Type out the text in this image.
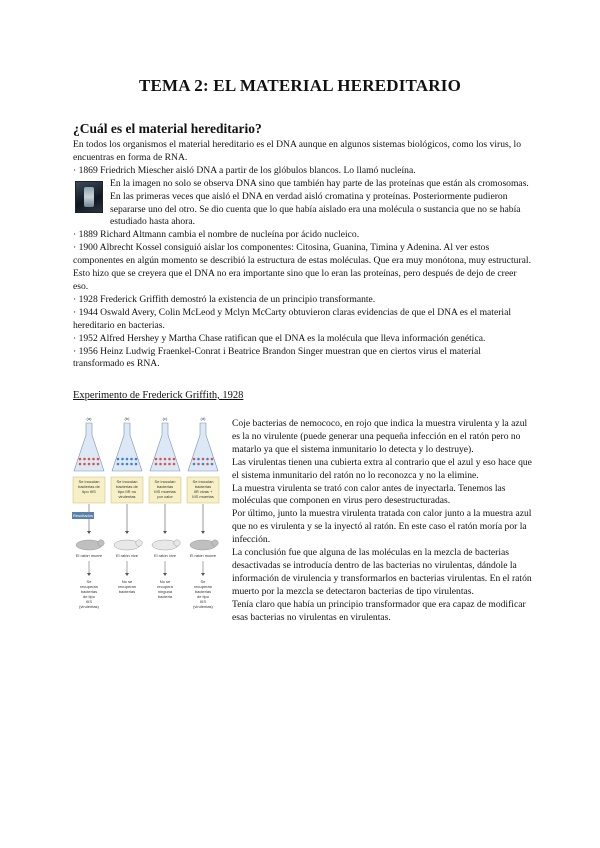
TEMA 2: EL MATERIAL HEREDITARIO
¿Cuál es el material hereditario?

En todos los organismos el material hereditario es el DNA aunque en algunos sistemas biológicos, como los virus, lo encuentras en forma de RNA.

· 1869 Friedrich Miescher aisló DNA a partir de los glóbulos blancos. Lo llamó nucleína.

En la imagen no solo se observa DNA sino que también hay parte de las proteínas que están als cromosomas. En las primeras veces que aisló el DNA en verdad aisló cromatina y proteínas. Posteriormente pudieron separarse uno del otro. Se dio cuenta que lo que había aislado era una molécula o sustancia que no se había estudiado hasta ahora.

· 1889 Richard Altmann cambia el nombre de nucleína por ácido nucleico.

· 1900 Albrecht Kossel consiguió aislar los componentes: Citosina, Guanina, Timina y Adenina. Al ver estos componentes en algún momento se describió la estructura de estas moléculas. Que era muy monótona, muy estructural. Esto hizo que se creyera que el DNA no era importante sino que lo eran las proteínas, pero después de dejo de creer eso.

· 1928 Frederick Griffith demostró la existencia de un principio transformante.

· 1944 Oswald Avery, Colin McLeod y Mclyn McCarty obtuvieron claras evidencias de que el DNA es el material hereditario en bacterias.

· 1952 Alfred Hershey y Martha Chase ratifican que el DNA es la molécula que lleva información genética.

· 1956 Heinz Ludwig Fraenkel-Conrat i Beatrice Brandon Singer muestran que en ciertos virus el material transformado es RNA.

Experimento de Frederick Griffith, 1928
(a)
Se inoculan
bacterias de
tipo IIIS
El ratón muere
Se
recuperan
bacterias
de tipo
IIIS
(virulentas)
(b)
Se inoculan
bacterias de
tipo IIR no
virulentas
El ratón vive
No se
recuperan
bacterias
(c)
Se inoculan
bacterias
IIIS muertas
por calor
El ratón vive
No se
recupera
ninguna
bacteria
(d)
Se inoculan
bacterias
IIR vivas +
IIIS muertas
El ratón muere
Se
recuperan
bacterias
de tipo
IIIS
(virulentas)
Resultados

Coje bacterias de nemococo, en rojo que indica la muestra virulenta y la azul es la no virulente (puede generar una pequeña infección en el ratón pero no matarlo ya que el sistema inmunitario lo detecta y lo destruye).

Las virulentas tienen una cubierta extra al contrario que el azul y eso hace que el sistema inmunitario del ratón no lo reconozca y no la elimine.

La muestra virulenta se trató con calor antes de inyectarla. Tenemos las moléculas que componen en virus pero desestructuradas.

Por último, junto la muestra virulenta tratada con calor junto a la muestra azul que no es virulenta y se la inyectó al ratón. En este caso el ratón moría por la infección.

La conclusión fue que alguna de las moléculas en la mezcla de bacterias desactivadas se introducía dentro de las bacterias no virulentas, dándole la información de virulencia y transformarlos en bacterias virulentas. En el ratón muerto por la mezcla se detectaron bacterias de tipo virulentas.

Tenía claro que había un principio transformador que era capaz de modificar esas bacterias no virulentas en virulentas.
